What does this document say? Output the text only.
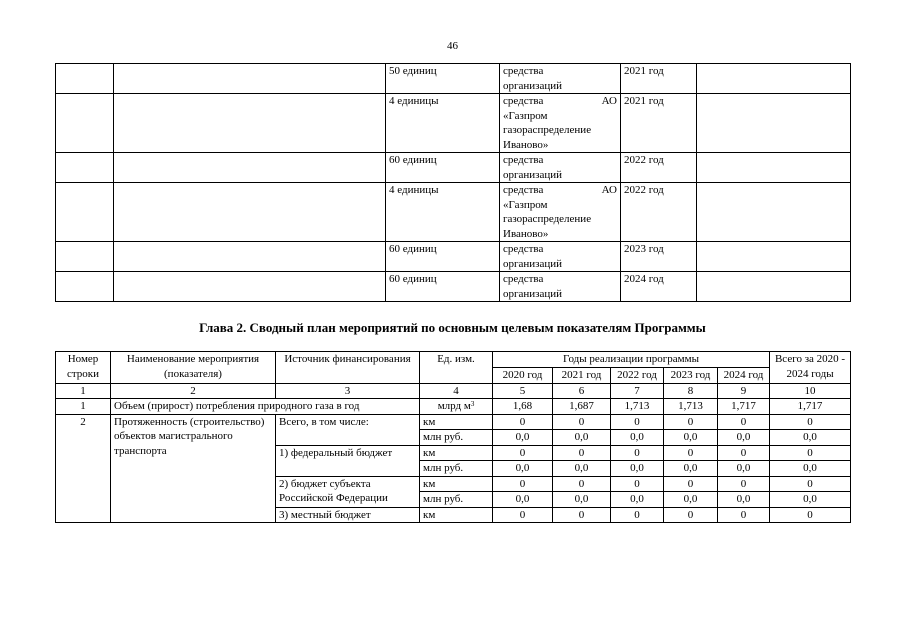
46
		50 единиц	средства
организаций	2021 год	
		4 единицы	средства АО
«Газпром
газораспределение
Иваново»	2021 год	
		60 единиц	средства
организаций	2022 год	
		4 единицы	средства АО
«Газпром
газораспределение
Иваново»	2022 год	
		60 единиц	средства
организаций	2023 год	
		60 единиц	средства
организаций	2024 год	
Глава 2. Сводный план мероприятий по основным целевым показателям Программы
Номер строки	Наименование мероприятия (показателя)	Источник финансирования	Ед. изм.	Годы реализации программы					Всего за 2020 - 2024 годы
				2020 год	2021 год	2022 год	2023 год	2024 год	

1	2	3	4	5	6	7	8	9	10
1	Объем (прирост) потребления природного газа в год		млрд $м^3$	1,68	1,687	1,713	1,713	1,717	1,717
2	Протяженность (строительство) объектов магистрального транспорта	Всего, в том числе:	км	0	0	0	0	0	0
			млн руб.	0,0	0,0	0,0	0,0	0,0	0,0
		1) федеральный бюджет	км	0	0	0	0	0	0
			млн руб.	0,0	0,0	0,0	0,0	0,0	0,0
		2) бюджет субъекта Российской Федерации	км	0	0	0	0	0	0
			млн руб.	0,0	0,0	0,0	0,0	0,0	0,0
		3) местный бюджет	км	0	0	0	0	0	0
